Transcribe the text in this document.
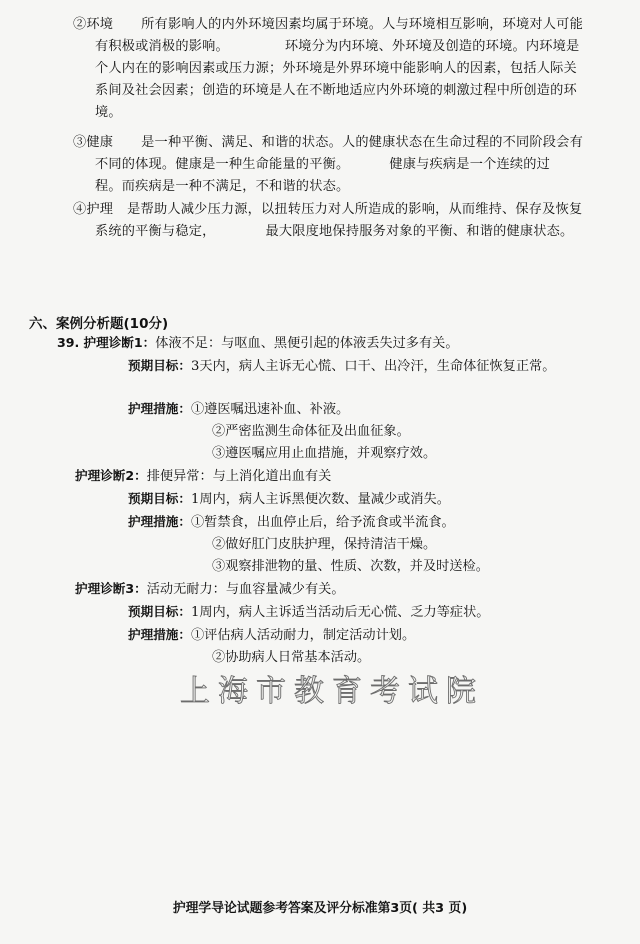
②环境 所有影响人的内外环境因素均属于环境。人与环境相互影响，环境对人可能
有积极或消极的影响。	环境分为内环境、外环境及创造的环境。内环境是
个人内在的影响因素或压力源；外环境是外界环境中能影响人的因素，包括人际关
系间及社会因素；创造的环境是人在不断地适应内外环境的刺激过程中所创造的环
境。
③健康 是一种平衡、满足、和谐的状态。人的健康状态在生命过程的不同阶段会有
不同的体现。健康是一种生命能量的平衡。	健康与疾病是一个连续的过
程。而疾病是一种不满足，不和谐的状态。
④护理 是帮助人减少压力源，以扭转压力对人所造成的影响，从而维持、保存及恢复
系统的平衡与稳定，	最大限度地保持服务对象的平衡、和谐的健康状态。
六、案例分析题(10分)
39. 护理诊断1：体液不足：与呕血、黑便引起的体液丢失过多有关。
预期目标：3天内，病人主诉无心慌、口干、出冷汗，生命体征恢复正常。
护理措施：①遵医嘱迅速补血、补液。
②严密监测生命体征及出血征象。
③遵医嘱应用止血措施，并观察疗效。
护理诊断2：排便异常：与上消化道出血有关
预期目标：1周内，病人主诉黑便次数、量减少或消失。
护理措施：①暂禁食，出血停止后，给予流食或半流食。
②做好肛门皮肤护理，保持清洁干燥。
③观察排泄物的量、性质、次数，并及时送检。
护理诊断3：活动无耐力：与血容量减少有关。
预期目标：1周内，病人主诉适当活动后无心慌、乏力等症状。
护理措施：①评估病人活动耐力，制定活动计划。
②协助病人日常基本活动。
上海市教育考试院
护理学导论试题参考答案及评分标准第3页( 共3 页)
